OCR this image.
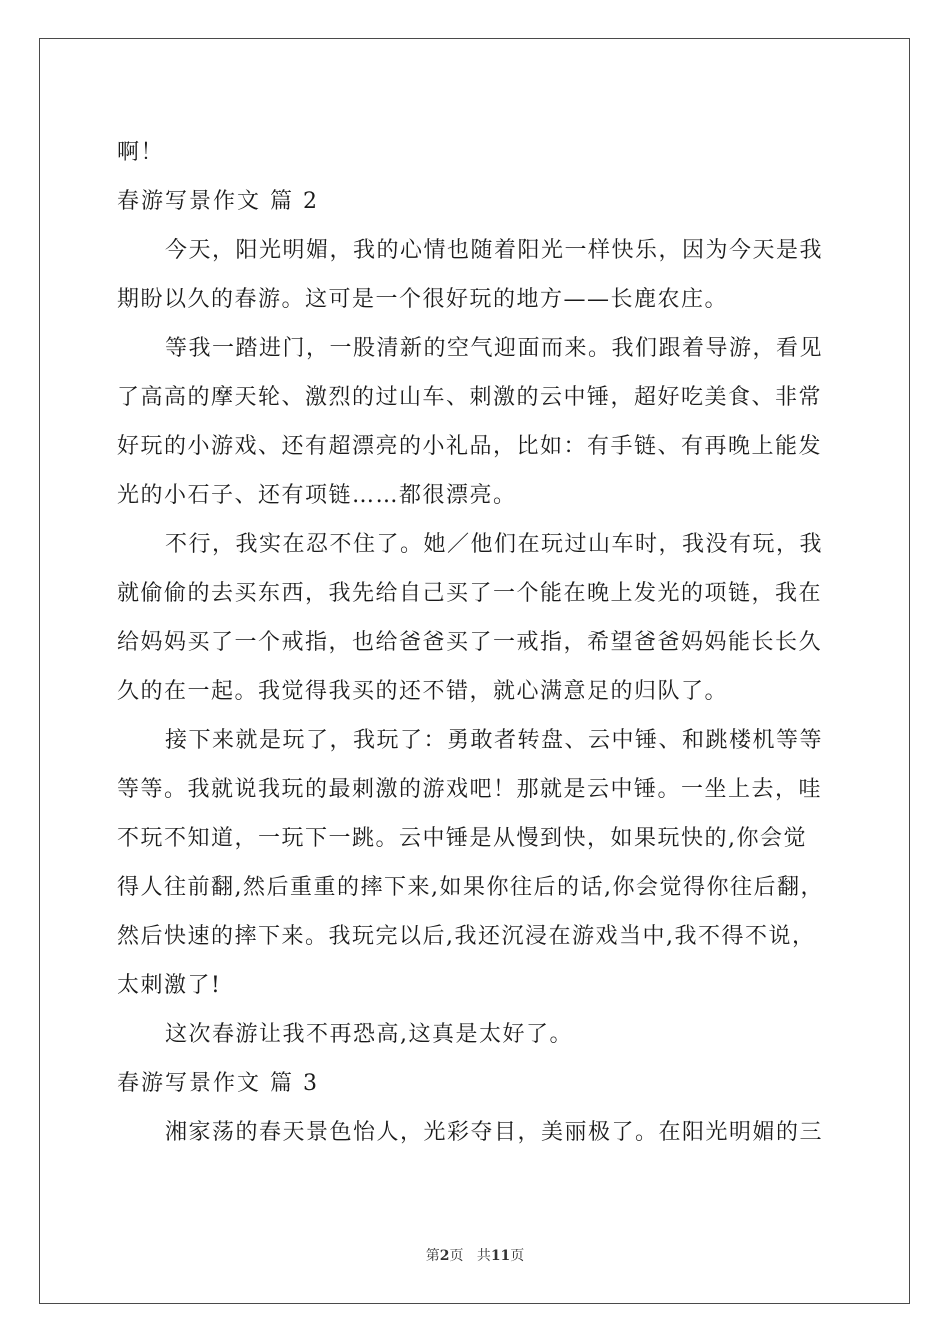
啊！

春游写景作文 篇 2

今天，阳光明媚，我的心情也随着阳光一样快乐，因为今天是我

期盼以久的春游。这可是一个很好玩的地方——长鹿农庄。

等我一踏进门，一股清新的空气迎面而来。我们跟着导游，看见

了高高的摩天轮、激烈的过山车、刺激的云中锤，超好吃美食、非常

好玩的小游戏、还有超漂亮的小礼品，比如：有手链、有再晚上能发

光的小石子、还有项链……都很漂亮。

不行，我实在忍不住了。她／他们在玩过山车时，我没有玩，我

就偷偷的去买东西，我先给自己买了一个能在晚上发光的项链，我在

给妈妈买了一个戒指，也给爸爸买了一戒指，希望爸爸妈妈能长长久

久的在一起。我觉得我买的还不错，就心满意足的归队了。

接下来就是玩了，我玩了：勇敢者转盘、云中锤、和跳楼机等等

等等。我就说我玩的最刺激的游戏吧！那就是云中锤。一坐上去，哇

不玩不知道，一玩下一跳。云中锤是从慢到快，如果玩快的,你会觉

得人往前翻,然后重重的摔下来,如果你往后的话,你会觉得你往后翻，

然后快速的摔下来。我玩完以后,我还沉浸在游戏当中,我不得不说，

太刺激了!

这次春游让我不再恐高,这真是太好了。

春游写景作文 篇 3

湘家荡的春天景色怡人，光彩夺目，美丽极了。在阳光明媚的三

第2页 共11页
